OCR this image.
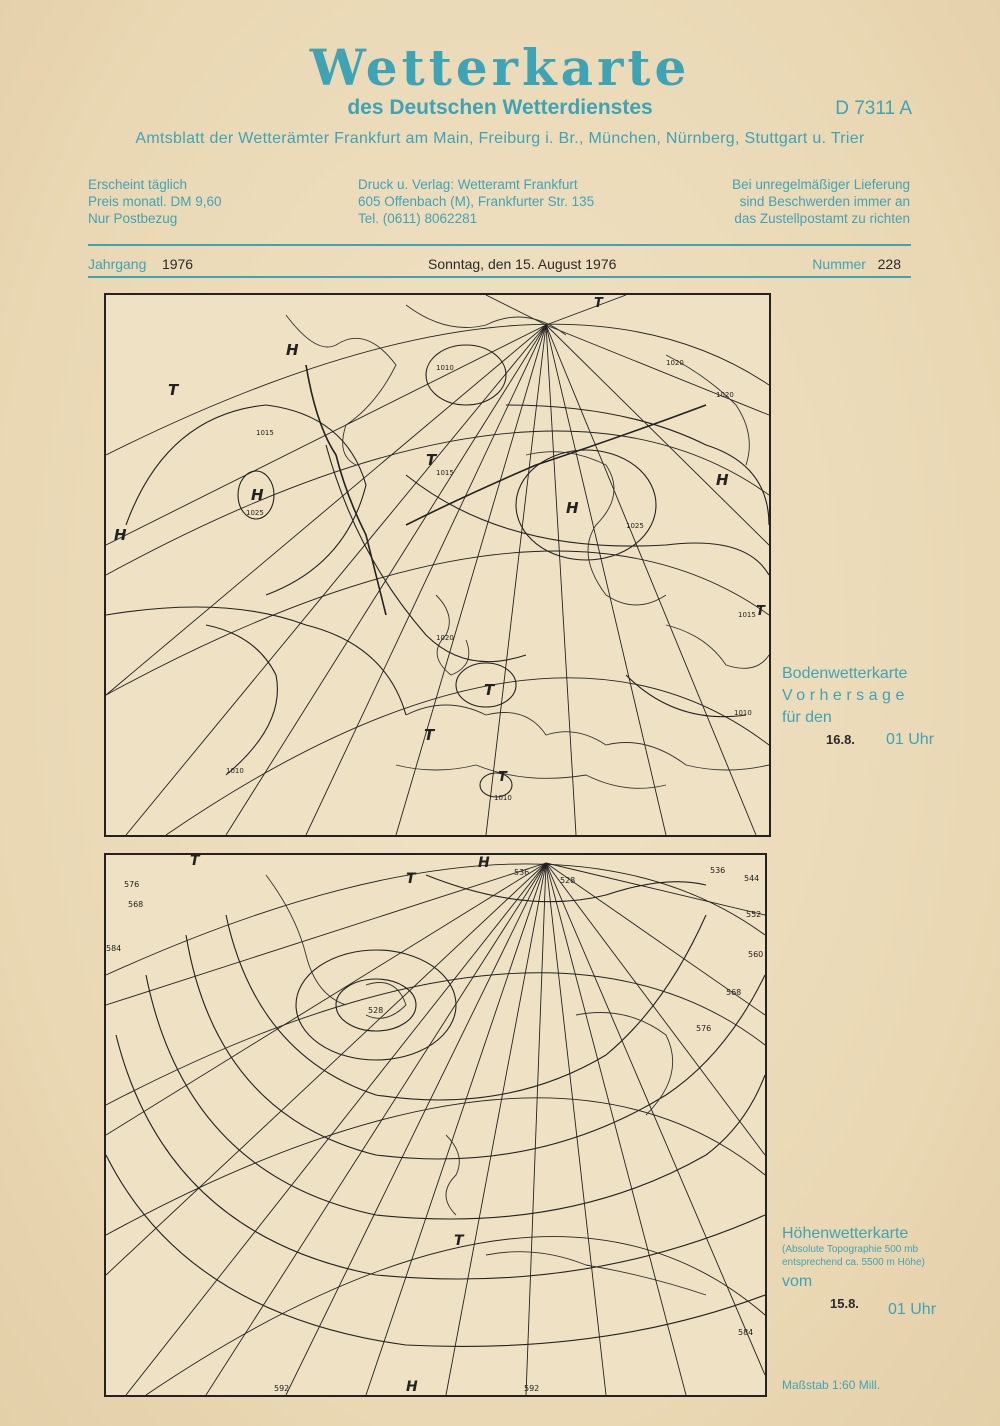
Wetterkarte
des Deutschen Wetterdienstes	D 7311 A
Amtsblatt der Wetterämter Frankfurt am Main, Freiburg i. Br., München, Nürnberg, Stuttgart u. Trier
Erscheint täglich
Preis monatl. DM 9,60
Nur Postbezug
Druck u. Verlag: Wetteramt Frankfurt
605 Offenbach (M), Frankfurter Str. 135
Tel. (0611) 8062281
Bei unregelmäßiger Lieferung
sind Beschwerden immer an
das Zustellpostamt zu richten
Jahrgang 1976	Sonntag, den 15. August 1976	Nummer 228
H
H
H
H
H
T
T
T
T
T
T
T
1010
1015
1020
1025
1020
1015
1010
1025
1020
1010
1015
1010
Bodenwetterkarte
Vorhersage
für den
16.8. 01 Uhr
T
T
H
H
T
576
568
584
536
528
536
544
552
560
568
576
528
592	592
584
Höhenwetterkarte
(Absolute Topographie 500 mb
entsprechend ca. 5500 m Höhe)
vom
15.8. 01 Uhr
Maßstab 1:60 Mill.
